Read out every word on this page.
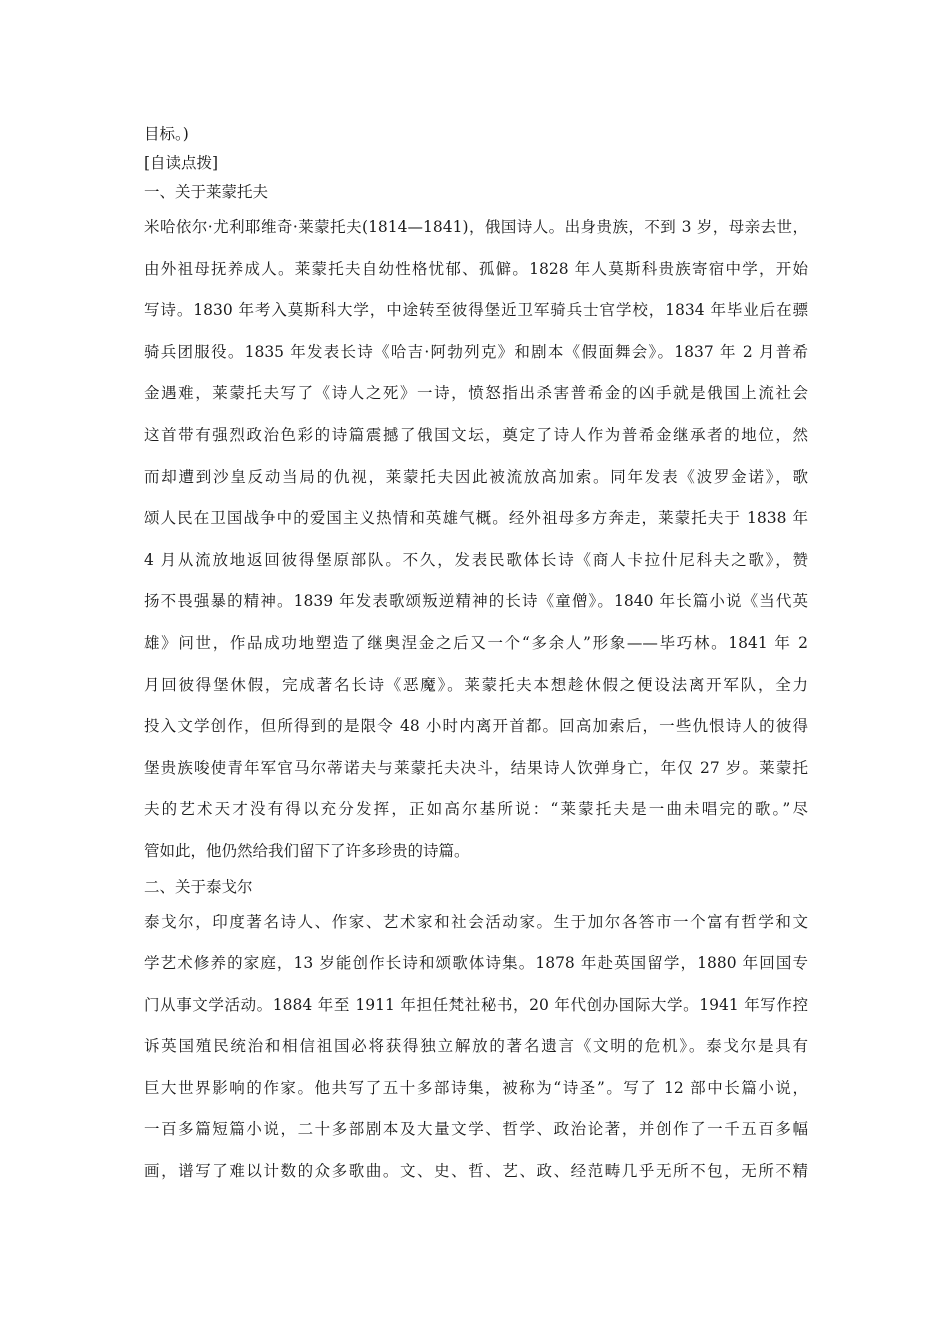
目标。)
[自读点拨]
一、关于莱蒙托夫
米哈依尔·尤利耶维奇·莱蒙托夫(1814—1841)，俄国诗人。出身贵族，不到 3 岁，母亲去世，
由外祖母抚养成人。莱蒙托夫自幼性格忧郁、孤僻。1828 年人莫斯科贵族寄宿中学，开始
写诗。1830 年考入莫斯科大学，中途转至彼得堡近卫军骑兵士官学校，1834 年毕业后在骠
骑兵团服役。1835 年发表长诗《哈吉·阿勃列克》和剧本《假面舞会》。1837 年 2 月普希
金遇难，莱蒙托夫写了《诗人之死》一诗，愤怒指出杀害普希金的凶手就是俄国上流社会
这首带有强烈政治色彩的诗篇震撼了俄国文坛，奠定了诗人作为普希金继承者的地位，然
而却遭到沙皇反动当局的仇视，莱蒙托夫因此被流放高加索。同年发表《波罗金诺》，歌
颂人民在卫国战争中的爱国主义热情和英雄气概。经外祖母多方奔走，莱蒙托夫于 1838 年
4 月从流放地返回彼得堡原部队。不久，发表民歌体长诗《商人卡拉什尼科夫之歌》，赞
扬不畏强暴的精神。1839 年发表歌颂叛逆精神的长诗《童僧》。1840 年长篇小说《当代英
雄》问世，作品成功地塑造了继奥涅金之后又一个“多余人”形象——毕巧林。1841 年 2
月回彼得堡休假，完成著名长诗《恶魔》。莱蒙托夫本想趁休假之便设法离开军队，全力
投入文学创作，但所得到的是限令 48 小时内离开首都。回高加索后，一些仇恨诗人的彼得
堡贵族唆使青年军官马尔蒂诺夫与莱蒙托夫决斗，结果诗人饮弹身亡，年仅 27 岁。莱蒙托
夫的艺术天才没有得以充分发挥，正如高尔基所说：“莱蒙托夫是一曲未唱完的歌。”尽
管如此，他仍然给我们留下了许多珍贵的诗篇。
二、关于泰戈尔
泰戈尔，印度著名诗人、作家、艺术家和社会活动家。生于加尔各答市一个富有哲学和文
学艺术修养的家庭，13 岁能创作长诗和颂歌体诗集。1878 年赴英国留学，1880 年回国专
门从事文学活动。1884 年至 1911 年担任梵社秘书，20 年代创办国际大学。1941 年写作控
诉英国殖民统治和相信祖国必将获得独立解放的著名遗言《文明的危机》。泰戈尔是具有
巨大世界影响的作家。他共写了五十多部诗集，被称为“诗圣”。写了 12 部中长篇小说，
一百多篇短篇小说，二十多部剧本及大量文学、哲学、政治论著，并创作了一千五百多幅
画，谱写了难以计数的众多歌曲。文、史、哲、艺、政、经范畴几乎无所不包，无所不精
